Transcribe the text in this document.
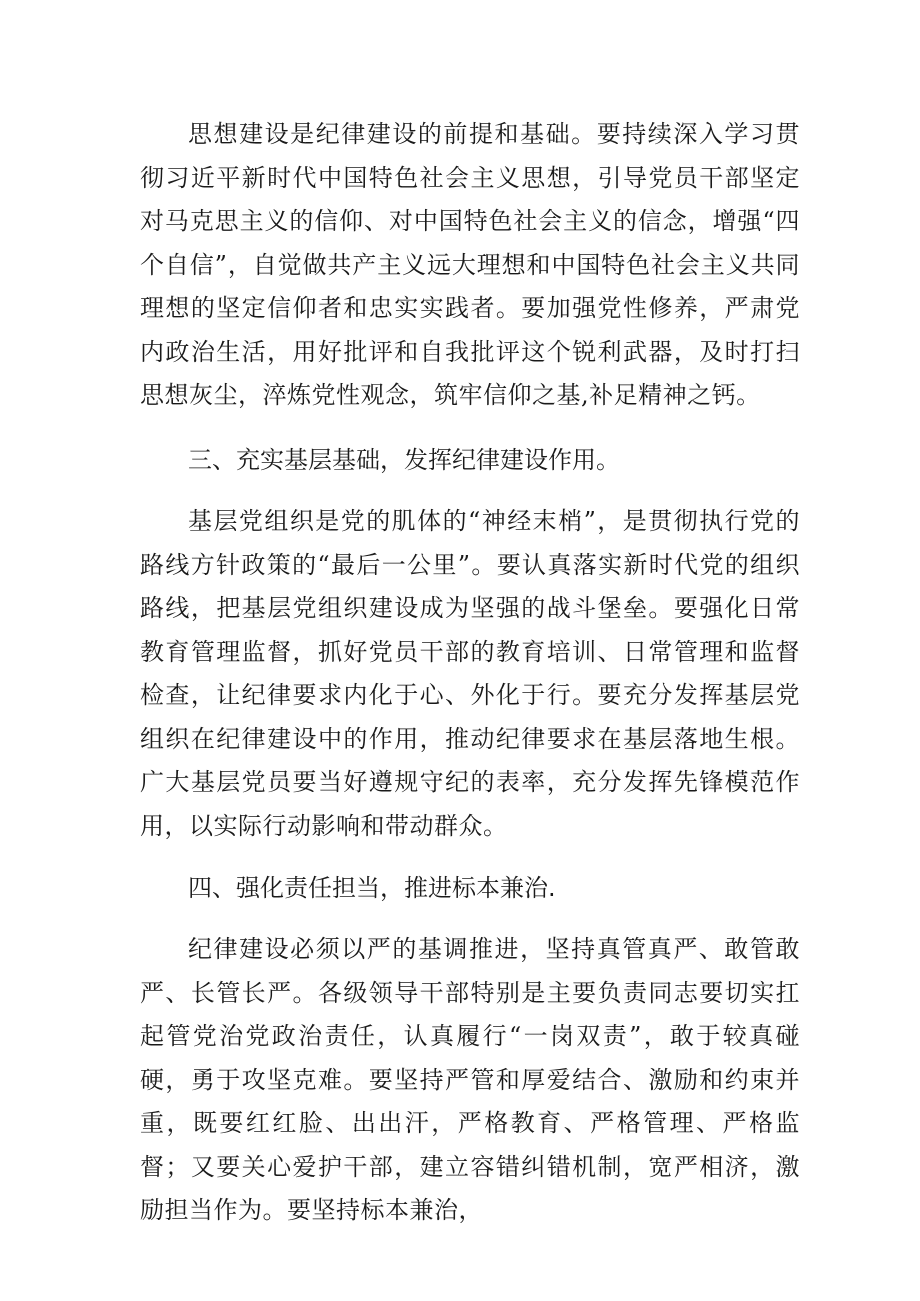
思想建设是纪律建设的前提和基础。要持续深入学习贯彻习近平新时代中国特色社会主义思想，引导党员干部坚定对马克思主义的信仰、对中国特色社会主义的信念，增强“四个自信”，自觉做共产主义远大理想和中国特色社会主义共同理想的坚定信仰者和忠实实践者。要加强党性修养，严肃党内政治生活，用好批评和自我批评这个锐利武器，及时打扫思想灰尘，淬炼党性观念，筑牢信仰之基,补足精神之钙。

三、充实基层基础，发挥纪律建设作用。

基层党组织是党的肌体的“神经末梢”，是贯彻执行党的路线方针政策的“最后一公里”。要认真落实新时代党的组织路线，把基层党组织建设成为坚强的战斗堡垒。要强化日常教育管理监督，抓好党员干部的教育培训、日常管理和监督检查，让纪律要求内化于心、外化于行。要充分发挥基层党组织在纪律建设中的作用，推动纪律要求在基层落地生根。广大基层党员要当好遵规守纪的表率，充分发挥先锋模范作用，以实际行动影响和带动群众。

四、强化责任担当，推进标本兼治.

纪律建设必须以严的基调推进，坚持真管真严、敢管敢严、长管长严。各级领导干部特别是主要负责同志要切实扛起管党治党政治责任，认真履行“一岗双责”，敢于较真碰硬，勇于攻坚克难。要坚持严管和厚爱结合、激励和约束并重，既要红红脸、出出汗，严格教育、严格管理、严格监督；又要关心爱护干部，建立容错纠错机制，宽严相济，激励担当作为。要坚持标本兼治，
